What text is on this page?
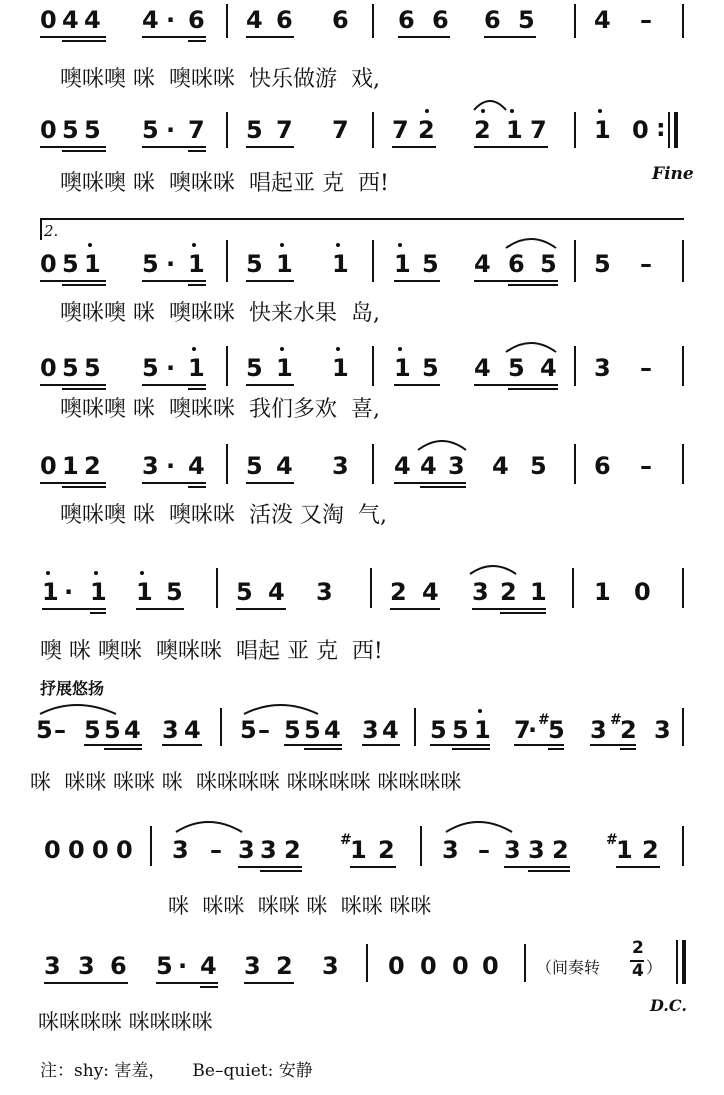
0 4 4 4 · 6 4 6 6 6 6 6 5 4 –
噢咪噢 咪  噢咪咪  快乐做游  戏,
0 5 5 5 · 7 5 7 7 7 2 2 1 7 1 0 :
噢咪噢 咪  噢咪咪  唱起亚 克  西!	Fine
2.
0 5 1 5 · 1 5 1 1 1 5 4 6 5 5 –
噢咪噢 咪  噢咪咪  快来水果  岛,
0 5 5 5 · 1 5 1 1 1 5 4 5 4 3 –
噢咪噢 咪  噢咪咪  我们多欢  喜,
0 1 2 3 · 4 5 4 3 4 4 3 4 5 6 –
噢咪噢 咪  噢咪咪  活泼 又淘  气,
1 · 1 1 5 5 4 3 2 4 3 2 1 1 0
噢 咪 噢咪  噢咪咪  唱起 亚 克  西!
抒展悠扬
5 – 5 5 4 3 4 5 – 5 5 4 3 4 5 5 1 7
· #
5 3 #
2 3
咪  咪咪 咪咪 咪  咪咪咪咪 咪咪咪咪 咪咪咪咪
0 0 0 0 3 – 3 3 2	#
1 2 3 – 3 3 2	#
1 2
咪  咪咪  咪咪 咪  咪咪 咪咪
3 3 6 5 · 4 3 2 3 0 0 0 0 （间奏转
2
4 ）
咪咪咪咪 咪咪咪咪
D.C.
注：shy: 害羞，     Be–quiet: 安静
